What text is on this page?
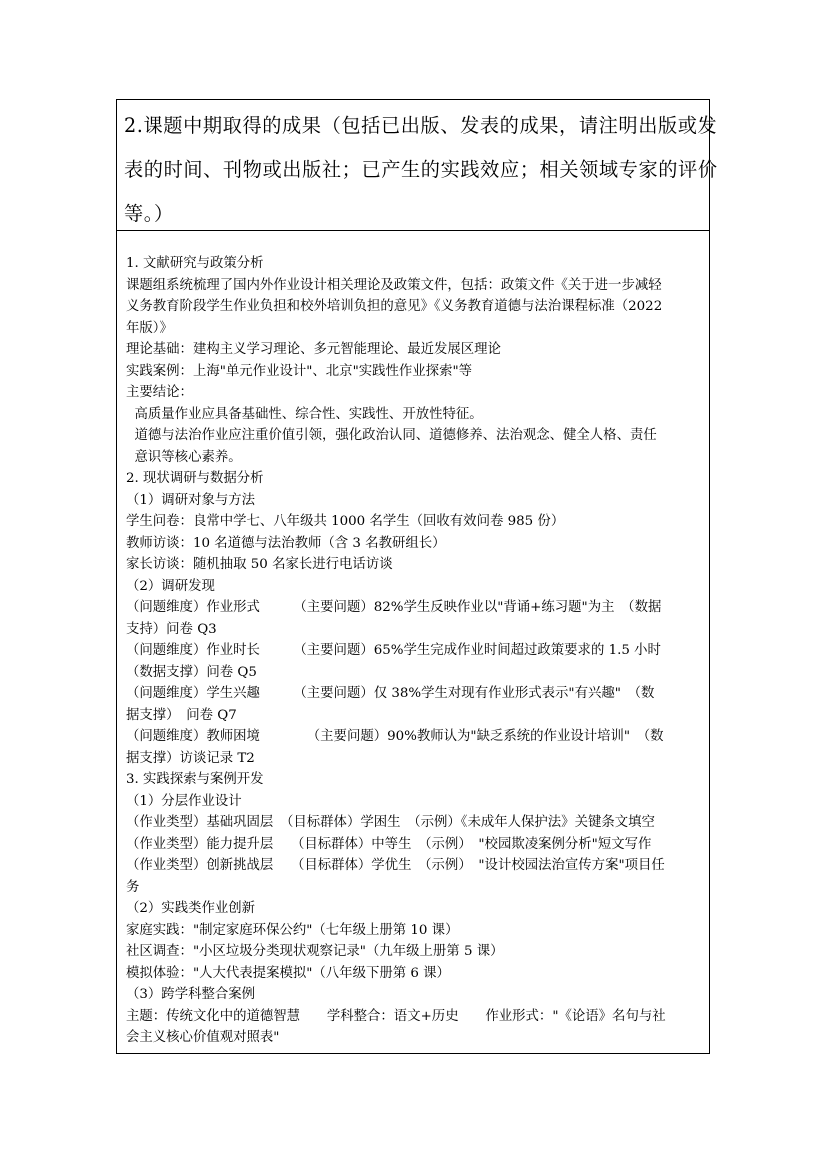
2.课题中期取得的成果（包括已出版、发表的成果，请注明出版或发
表的时间、刊物或出版社；已产生的实践效应；相关领域专家的评价
等。）
1. 文献研究与政策分析
课题组系统梳理了国内外作业设计相关理论及政策文件，包括：政策文件《关于进一步减轻
义务教育阶段学生作业负担和校外培训负担的意见》《义务教育道德与法治课程标准（2022
年版）》
理论基础：建构主义学习理论、多元智能理论、最近发展区理论
实践案例：上海"单元作业设计"、北京"实践性作业探索"等
主要结论：
高质量作业应具备基础性、综合性、实践性、开放性特征。
道德与法治作业应注重价值引领，强化政治认同、道德修养、法治观念、健全人格、责任
意识等核心素养。
2. 现状调研与数据分析
（1）调研对象与方法
学生问卷：良常中学七、八年级共 1000 名学生（回收有效问卷 985 份）
教师访谈：10 名道德与法治教师（含 3 名教研组长）
家长访谈：随机抽取 50 名家长进行电话访谈
（2）调研发现
（问题维度）作业形式　　　（主要问题）82%学生反映作业以"背诵+练习题"为主　（数据
支持）问卷 Q3
（问题维度）作业时长　　　（主要问题）65%学生完成作业时间超过政策要求的 1.5 小时
（数据支撑）问卷 Q5
（问题维度）学生兴趣　　　（主要问题）仅 38%学生对现有作业形式表示"有兴趣"　（数
据支撑）　问卷 Q7
（问题维度）教师困境　　　　（主要问题）90%教师认为"缺乏系统的作业设计培训"　（数
据支撑）访谈记录 T2
3. 实践探索与案例开发
（1）分层作业设计
（作业类型）基础巩固层　（目标群体）学困生　（示例）《未成年人保护法》关键条文填空
（作业类型）能力提升层　 （目标群体）中等生　（示例）　"校园欺凌案例分析"短文写作
（作业类型）创新挑战层　 （目标群体）学优生　（示例）　"设计校园法治宣传方案"项目任
务
（2）实践类作业创新
家庭实践："制定家庭环保公约"（七年级上册第 10 课）
社区调查："小区垃圾分类现状观察记录"（九年级上册第 5 课）
模拟体验："人大代表提案模拟"（八年级下册第 6 课）
（3）跨学科整合案例
主题：传统文化中的道德智慧　　学科整合：语文+历史　　作业形式："《论语》名句与社
会主义核心价值观对照表"
